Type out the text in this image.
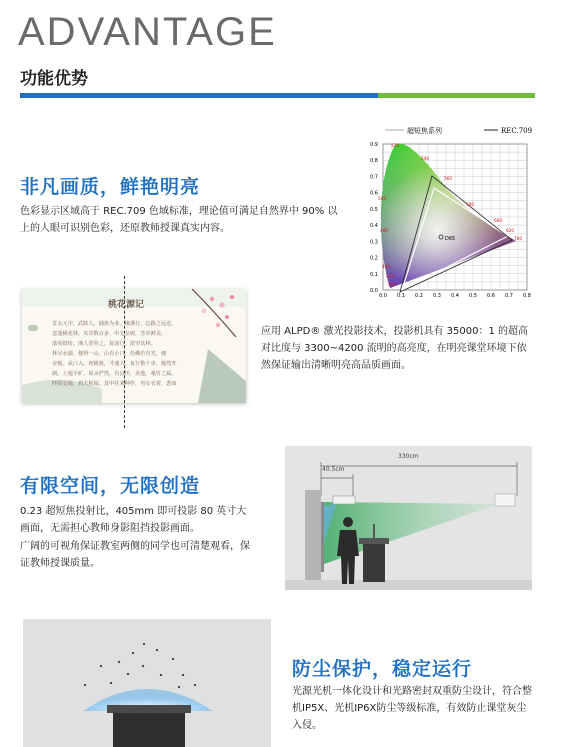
ADVANTAGE
功能优势
非凡画质，鲜艳明亮
色彩显示区域高于 REC.709 色域标准，理论值可满足自然界中 90% 以上的人眼可识别色彩，还原教师授课真实内容。
0.0 0.1 0.2 0.3 0.4 0.5 0.6 0.7 0.8
0.9
0.8
0.7
0.6
0.5
0.4
0.3
0.2
0.1
0.0
D65
超短焦系列	REC.709
520
540
560
580
600
620
700
500
490
480
470
460
桃花源记
晋太元中，武陵人，捕鱼为业。缘溪行，忘路之远近。
忽逢桃花林，夹岸数百步，中无杂树，芳草鲜美，
落英缤纷。渔人甚异之，复前行，欲穷其林。
林尽水源，便得一山，山有小口，仿佛若有光。便
舍船，从口入。初极狭，才通人。复行数十步，豁然开
朗。土地平旷，屋舍俨然，有良田、美池、桑竹之属。
阡陌交通，鸡犬相闻。其中往来种作，男女衣着，悉如
应用 ALPD® 激光投影技术，投影机具有 35000：1 的超高对比度与 3300~4200 流明的高亮度，在明亮课堂环境下依然保证输出清晰明亮高品质画面。
有限空间，无限创造
0.23 超短焦投射比，405mm 即可投影 80 英寸大画面，无需担心教师身影阻挡投影画面。
广阔的可视角保证教室两侧的同学也可清楚观看，保证教师授课质量。
330cm
40.5cm
防尘保护，稳定运行
光源光机一体化设计和光路密封双重防尘设计，符合整机IP5X、光机IP6X防尘等级标准，有效防止课堂灰尘入侵。
